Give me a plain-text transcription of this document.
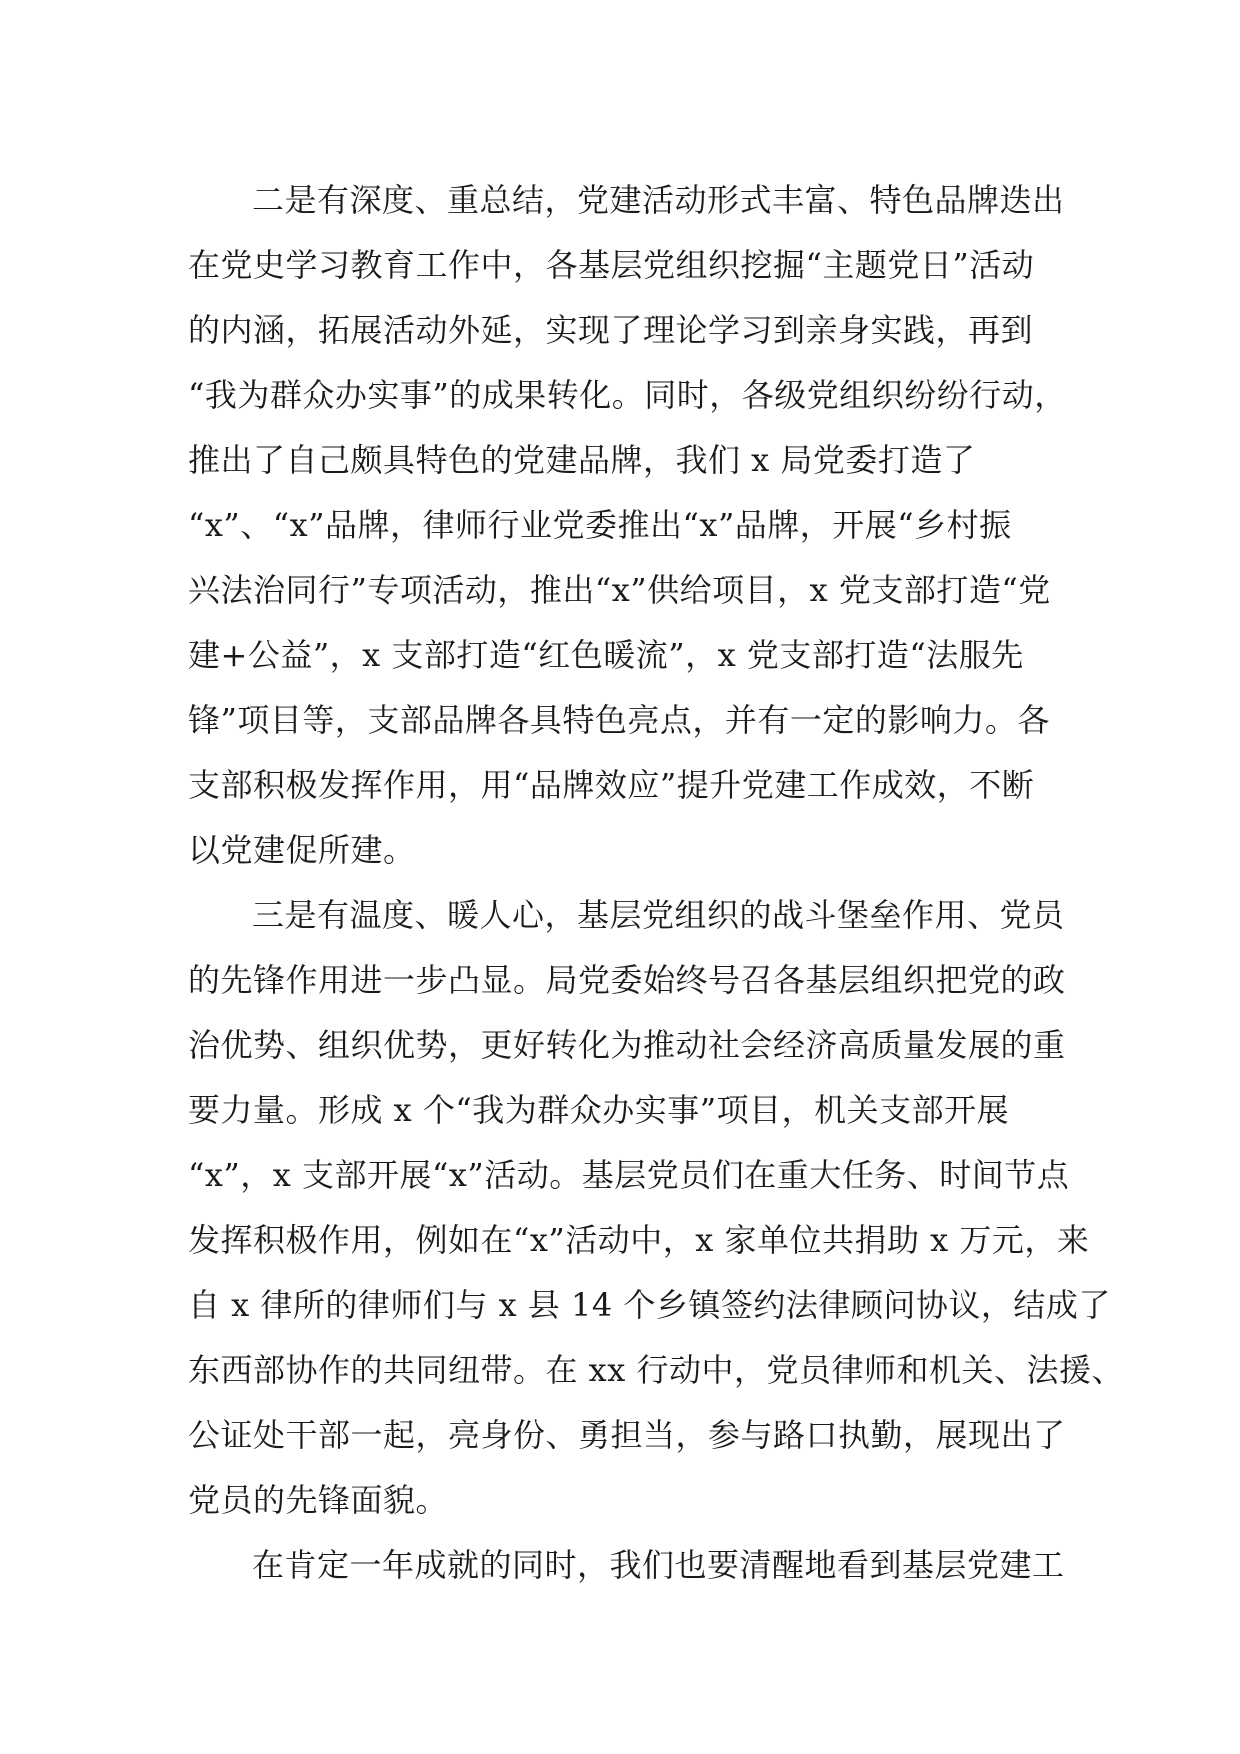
二是有深度、重总结，党建活动形式丰富、特色品牌迭出
在党史学习教育工作中，各基层党组织挖掘“主题党日”活动
的内涵，拓展活动外延，实现了理论学习到亲身实践，再到
“我为群众办实事”的成果转化。同时，各级党组织纷纷行动，
推出了自己颇具特色的党建品牌，我们 x 局党委打造了
“x”、“x”品牌，律师行业党委推出“x”品牌，开展“乡村振
兴法治同行”专项活动，推出“x”供给项目，x 党支部打造“党
建+公益”，x 支部打造“红色暖流”，x 党支部打造“法服先
锋”项目等，支部品牌各具特色亮点，并有一定的影响力。各
支部积极发挥作用，用“品牌效应”提升党建工作成效，不断
以党建促所建。
三是有温度、暖人心，基层党组织的战斗堡垒作用、党员
的先锋作用进一步凸显。局党委始终号召各基层组织把党的政
治优势、组织优势，更好转化为推动社会经济高质量发展的重
要力量。形成 x 个“我为群众办实事”项目，机关支部开展
“x”，x 支部开展“x”活动。基层党员们在重大任务、时间节点
发挥积极作用，例如在“x”活动中，x 家单位共捐助 x 万元，来
自 x 律所的律师们与 x 县 14 个乡镇签约法律顾问协议，结成了
东西部协作的共同纽带。在 xx 行动中，党员律师和机关、法援、
公证处干部一起，亮身份、勇担当，参与路口执勤，展现出了
党员的先锋面貌。
在肯定一年成就的同时，我们也要清醒地看到基层党建工
